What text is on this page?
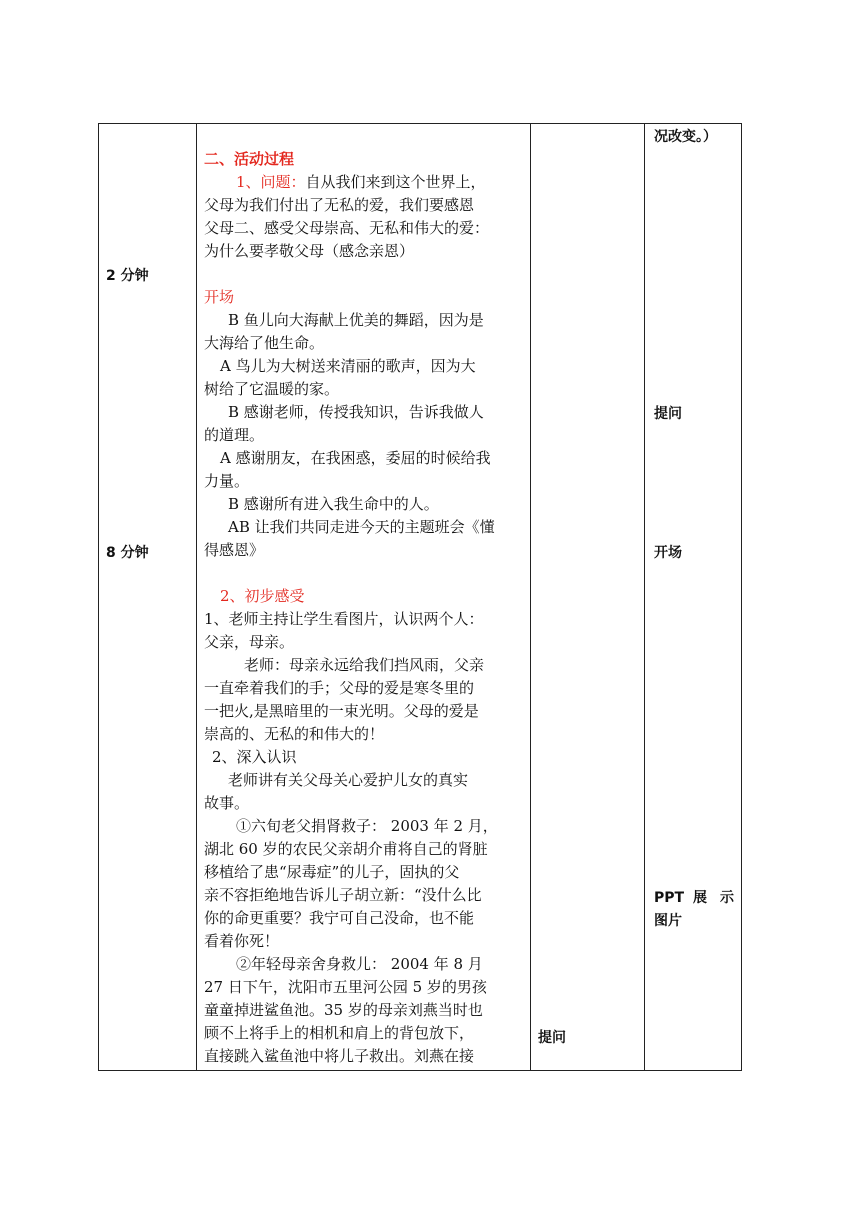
2 分钟
8 分钟
提问
况改变。）
提问
开场
PPT 展 示
图片

二、活动过程

1、问题：自从我们来到这个世界上，

父母为我们付出了无私的爱，我们要感恩

父母二、感受父母崇高、无私和伟大的爱：

为什么要孝敬父母（感念亲恩）

开场

B 鱼儿向大海献上优美的舞蹈，因为是

大海给了他生命。

A 鸟儿为大树送来清丽的歌声，因为大

树给了它温暖的家。

B 感谢老师，传授我知识，告诉我做人

的道理。

A 感谢朋友，在我困惑，委屈的时候给我

力量。

B 感谢所有进入我生命中的人。

AB 让我们共同走进今天的主题班会《懂

得感恩》

2、初步感受

1、老师主持让学生看图片，认识两个人：

父亲，母亲。

老师：母亲永远给我们挡风雨，父亲

一直牵着我们的手；父母的爱是寒冬里的

一把火,是黑暗里的一束光明。父母的爱是

崇高的、无私的和伟大的！

2、深入认识

老师讲有关父母关心爱护儿女的真实

故事。

①六旬老父捐肾救子： 2003 年 2 月，

湖北 60 岁的农民父亲胡介甫将自己的肾脏

移植给了患“尿毒症”的儿子，固执的父

亲不容拒绝地告诉儿子胡立新：“没什么比

你的命更重要？我宁可自己没命，也不能

看着你死！

②年轻母亲舍身救儿： 2004 年 8 月

27 日下午，沈阳市五里河公园 5 岁的男孩

童童掉进鲨鱼池。35 岁的母亲刘燕当时也

顾不上将手上的相机和肩上的背包放下，

直接跳入鲨鱼池中将儿子救出。刘燕在接
